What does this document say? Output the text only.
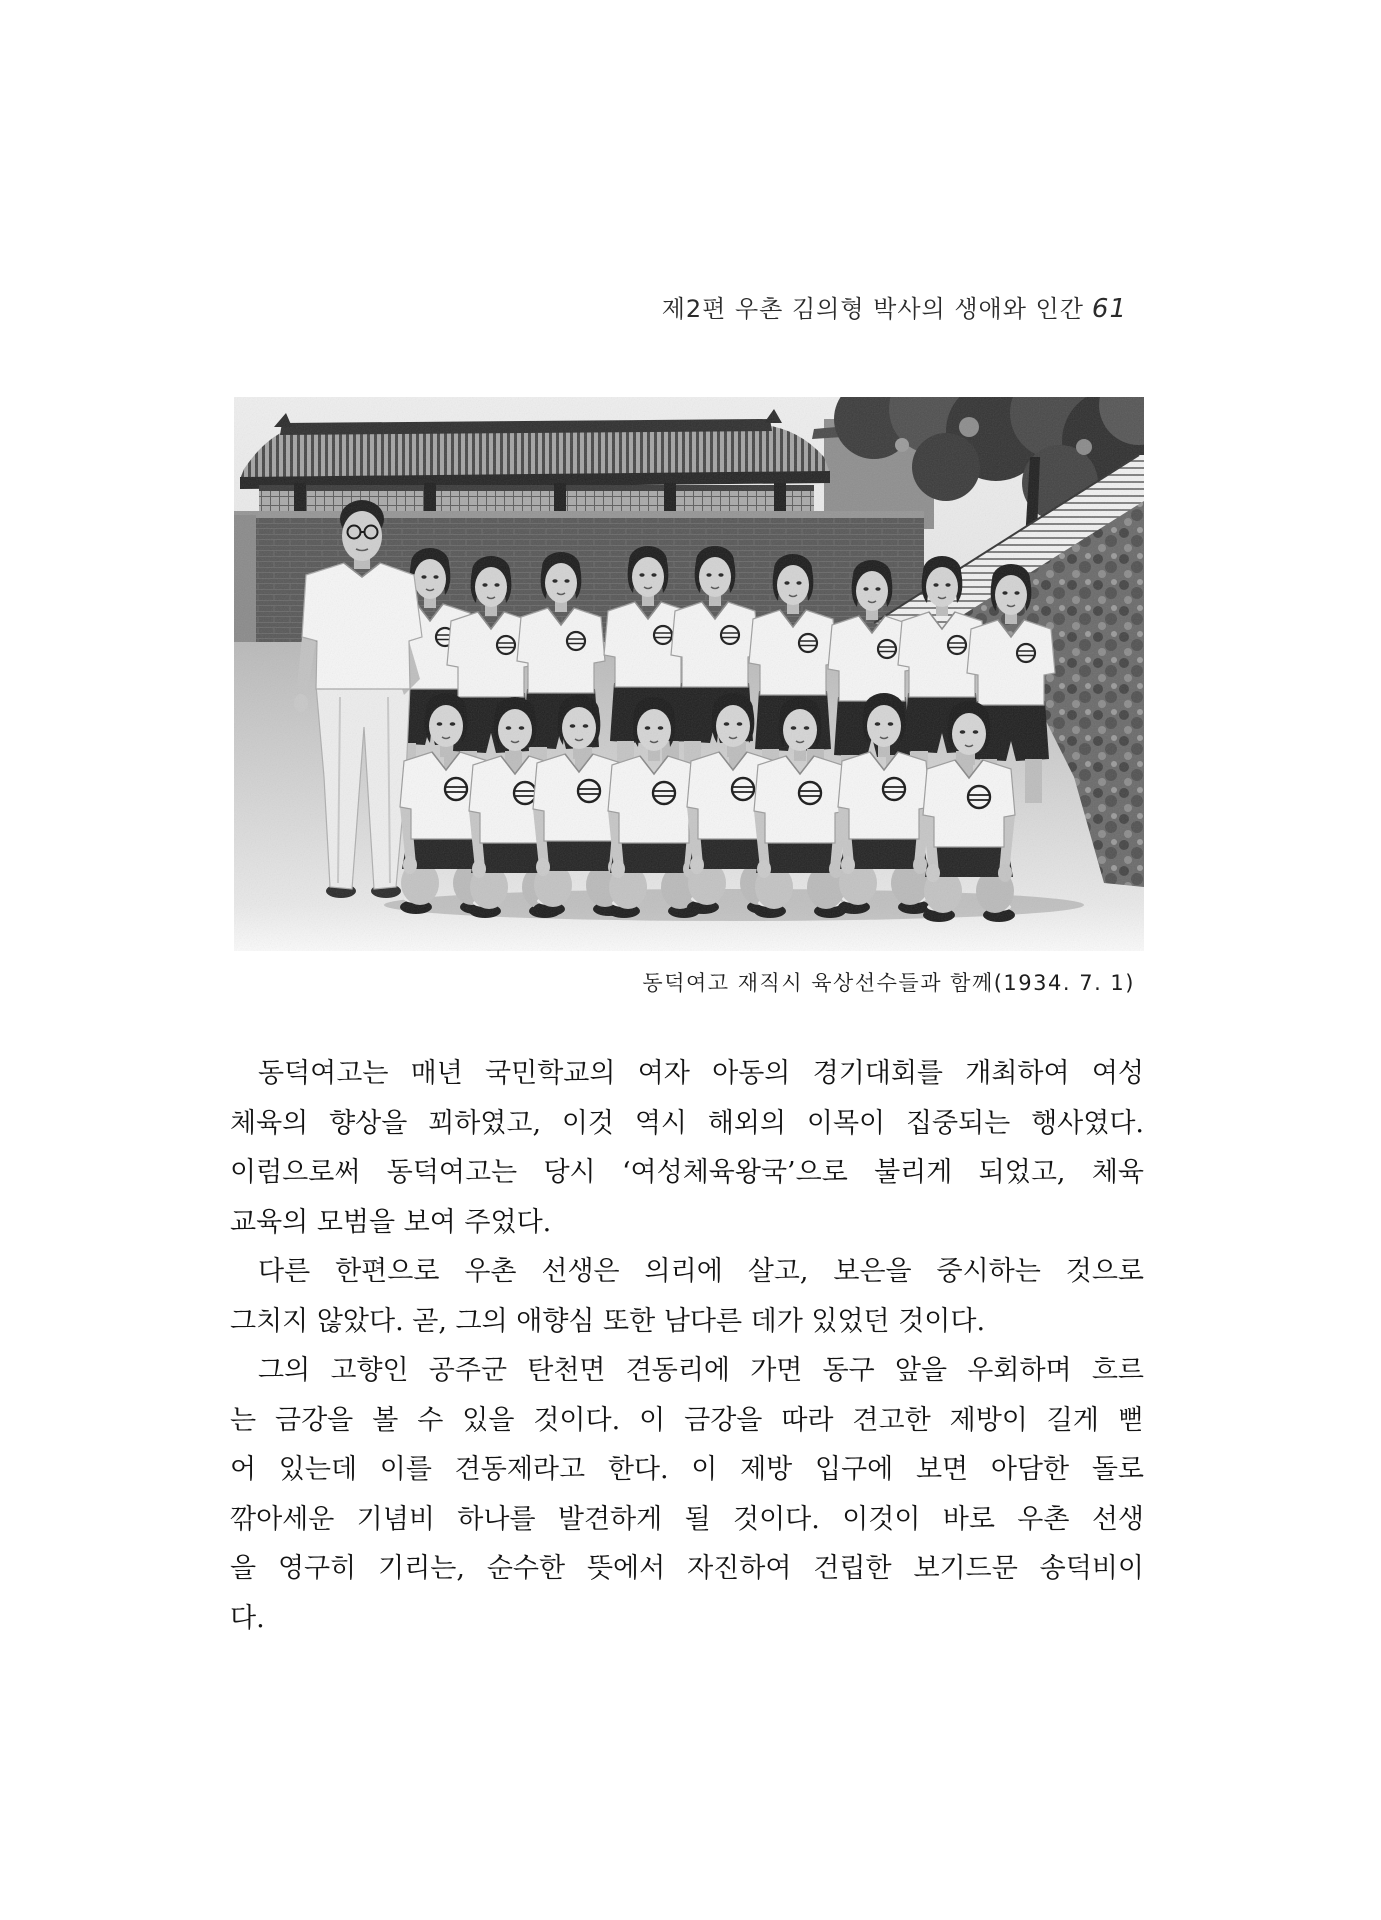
제2편 우촌 김의형 박사의 생애와 인간 61
동덕여고 재직시 육상선수들과 함께(1934. 7. 1)
동덕여고는 매년 국민학교의 여자 아동의 경기대회를 개최하여 여성
체육의 향상을 꾀하였고, 이것 역시 해외의 이목이 집중되는 행사였다.
이럼으로써 동덕여고는 당시 ‘여성체육왕국’으로 불리게 되었고, 체육
교육의 모범을 보여 주었다.
다른 한편으로 우촌 선생은 의리에 살고, 보은을 중시하는 것으로
그치지 않았다. 곧, 그의 애향심 또한 남다른 데가 있었던 것이다.
그의 고향인 공주군 탄천면 견동리에 가면 동구 앞을 우회하며 흐르
는 금강을 볼 수 있을 것이다. 이 금강을 따라 견고한 제방이 길게 뻗
어 있는데 이를 견동제라고 한다. 이 제방 입구에 보면 아담한 돌로
깎아세운 기념비 하나를 발견하게 될 것이다. 이것이 바로 우촌 선생
을 영구히 기리는, 순수한 뜻에서 자진하여 건립한 보기드문 송덕비이
다.
